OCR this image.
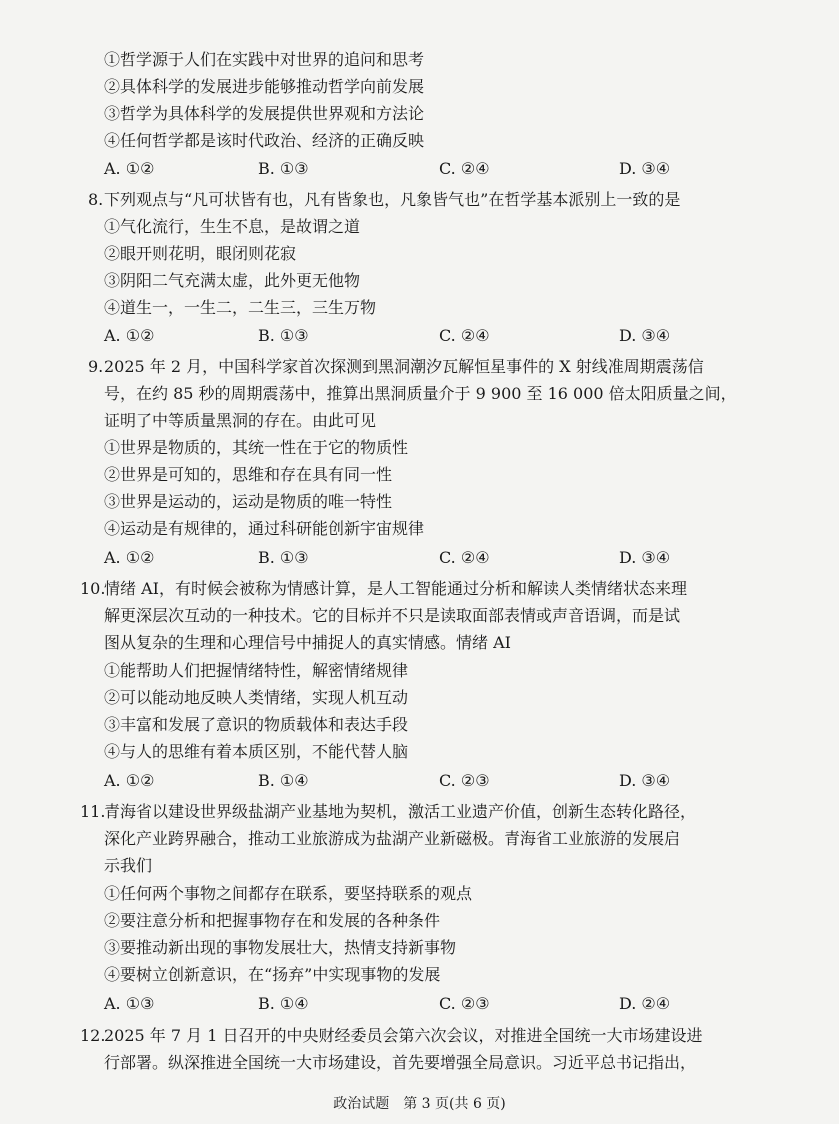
①哲学源于人们在实践中对世界的追问和思考
②具体科学的发展进步能够推动哲学向前发展
③哲学为具体科学的发展提供世界观和方法论
④任何哲学都是该时代政治、经济的正确反映
A. ①②	B. ①③	C. ②④	D. ③④
8. 下列观点与“凡可状皆有也，凡有皆象也，凡象皆气也”在哲学基本派别上一致的是
①气化流行，生生不息，是故谓之道
②眼开则花明，眼闭则花寂
③阴阳二气充满太虚，此外更无他物
④道生一，一生二，二生三，三生万物
A. ①②	B. ①③	C. ②④	D. ③④
9. 2025 年 2 月，中国科学家首次探测到黑洞潮汐瓦解恒星事件的 X 射线准周期震荡信
号，在约 85 秒的周期震荡中，推算出黑洞质量介于 9 900 至 16 000 倍太阳质量之间，
证明了中等质量黑洞的存在。由此可见
①世界是物质的，其统一性在于它的物质性
②世界是可知的，思维和存在具有同一性
③世界是运动的，运动是物质的唯一特性
④运动是有规律的，通过科研能创新宇宙规律
A. ①②	B. ①③	C. ②④	D. ③④
10.
情绪 AI，有时候会被称为情感计算，是人工智能通过分析和解读人类情绪状态来理
解更深层次互动的一种技术。它的目标并不只是读取面部表情或声音语调，而是试
图从复杂的生理和心理信号中捕捉人的真实情感。情绪 AI
①能帮助人们把握情绪特性，解密情绪规律
②可以能动地反映人类情绪，实现人机互动
③丰富和发展了意识的物质载体和表达手段
④与人的思维有着本质区别，不能代替人脑
A. ①②	B. ①④	C. ②③	D. ③④
11.
青海省以建设世界级盐湖产业基地为契机，激活工业遗产价值，创新生态转化路径，
深化产业跨界融合，推动工业旅游成为盐湖产业新磁极。青海省工业旅游的发展启
示我们
①任何两个事物之间都存在联系，要坚持联系的观点
②要注意分析和把握事物存在和发展的各种条件
③要推动新出现的事物发展壮大，热情支持新事物
④要树立创新意识，在“扬弃”中实现事物的发展
A. ①③	B. ①④	C. ②③	D. ②④
12.
2025 年 7 月 1 日召开的中央财经委员会第六次会议，对推进全国统一大市场建设进
行部署。纵深推进全国统一大市场建设，首先要增强全局意识。习近平总书记指出，
政治试题　第 3 页(共 6 页)
